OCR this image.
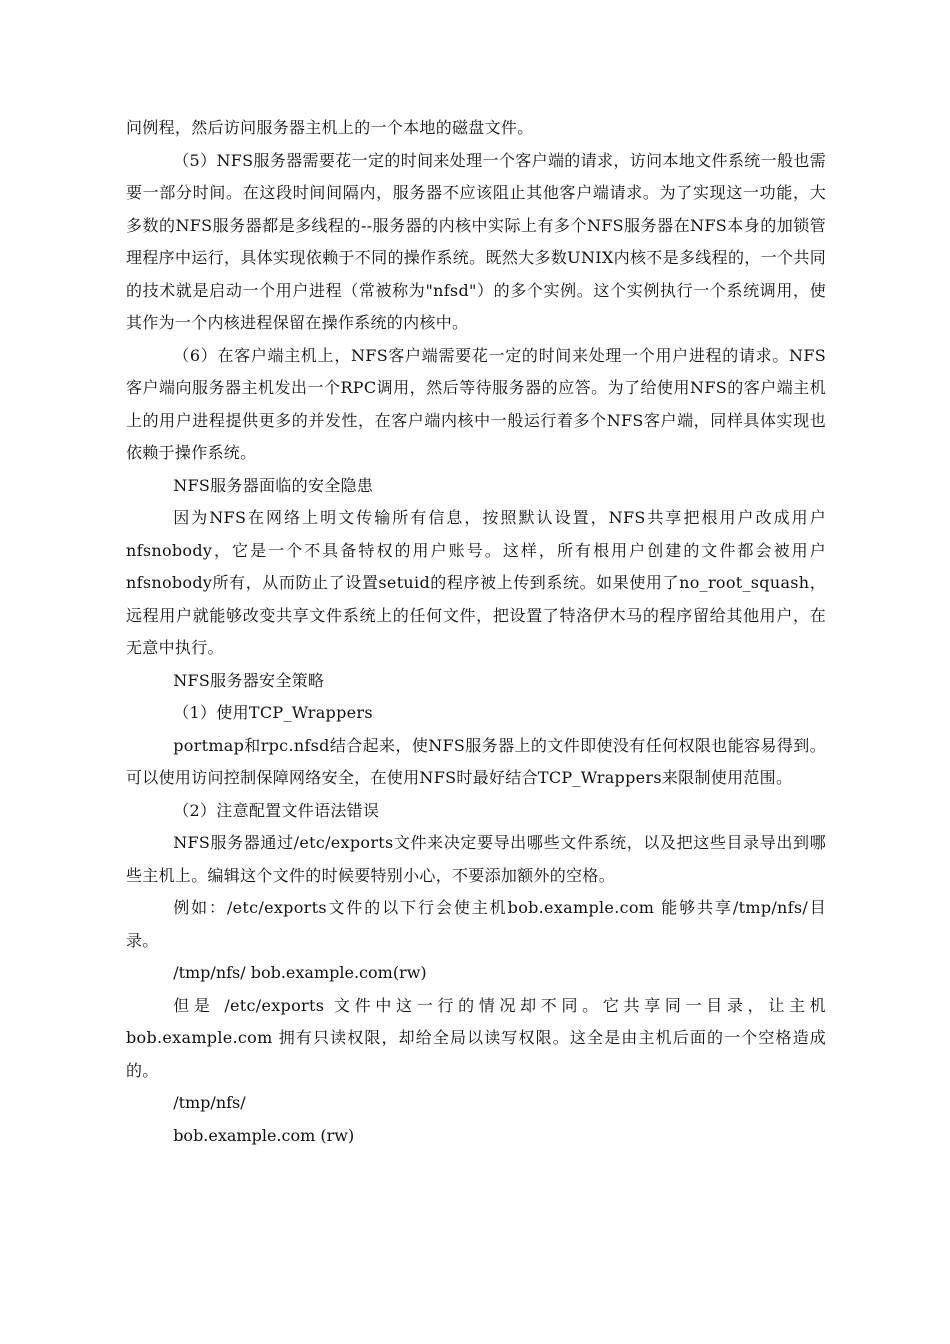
问例程，然后访问服务器主机上的一个本地的磁盘文件。

（5）NFS服务器需要花一定的时间来处理一个客户端的请求，访问本地文件系统一般也需要一部分时间。在这段时间间隔内，服务器不应该阻止其他客户端请求。为了实现这一功能，大多数的NFS服务器都是多线程的--服务器的内核中实际上有多个NFS服务器在NFS本身的加锁管理程序中运行，具体实现依赖于不同的操作系统。既然大多数UNIX内核不是多线程的，一个共同的技术就是启动一个用户进程（常被称为"nfsd"）的多个实例。这个实例执行一个系统调用，使其作为一个内核进程保留在操作系统的内核中。

（6）在客户端主机上，NFS客户端需要花一定的时间来处理一个用户进程的请求。NFS客户端向服务器主机发出一个RPC调用，然后等待服务器的应答。为了给使用NFS的客户端主机上的用户进程提供更多的并发性，在客户端内核中一般运行着多个NFS客户端，同样具体实现也依赖于操作系统。

NFS服务器面临的安全隐患

因为NFS在网络上明文传输所有信息，按照默认设置，NFS共享把根用户改成用户nfsnobody，它是一个不具备特权的用户账号。这样，所有根用户创建的文件都会被用户nfsnobody所有，从而防止了设置setuid的程序被上传到系统。如果使用了no_root_squash，远程用户就能够改变共享文件系统上的任何文件，把设置了特洛伊木马的程序留给其他用户，在无意中执行。

NFS服务器安全策略

（1）使用TCP_Wrappers

portmap和rpc.nfsd结合起来，使NFS服务器上的文件即使没有任何权限也能容易得到。可以使用访问控制保障网络安全，在使用NFS时最好结合TCP_Wrappers来限制使用范围。

（2）注意配置文件语法错误

NFS服务器通过/etc/exports文件来决定要导出哪些文件系统，以及把这些目录导出到哪些主机上。编辑这个文件的时候要特别小心，不要添加额外的空格。

例如：/etc/exports文件的以下行会使主机bob.example.com 能够共享/tmp/nfs/目录。

/tmp/nfs/ bob.example.com(rw)

但是 /etc/exports 文件中这一行的情况却不同。它共享同一目录，让主机 bob.example.com 拥有只读权限，却给全局以读写权限。这全是由主机后面的一个空格造成的。

/tmp/nfs/

bob.example.com (rw)
